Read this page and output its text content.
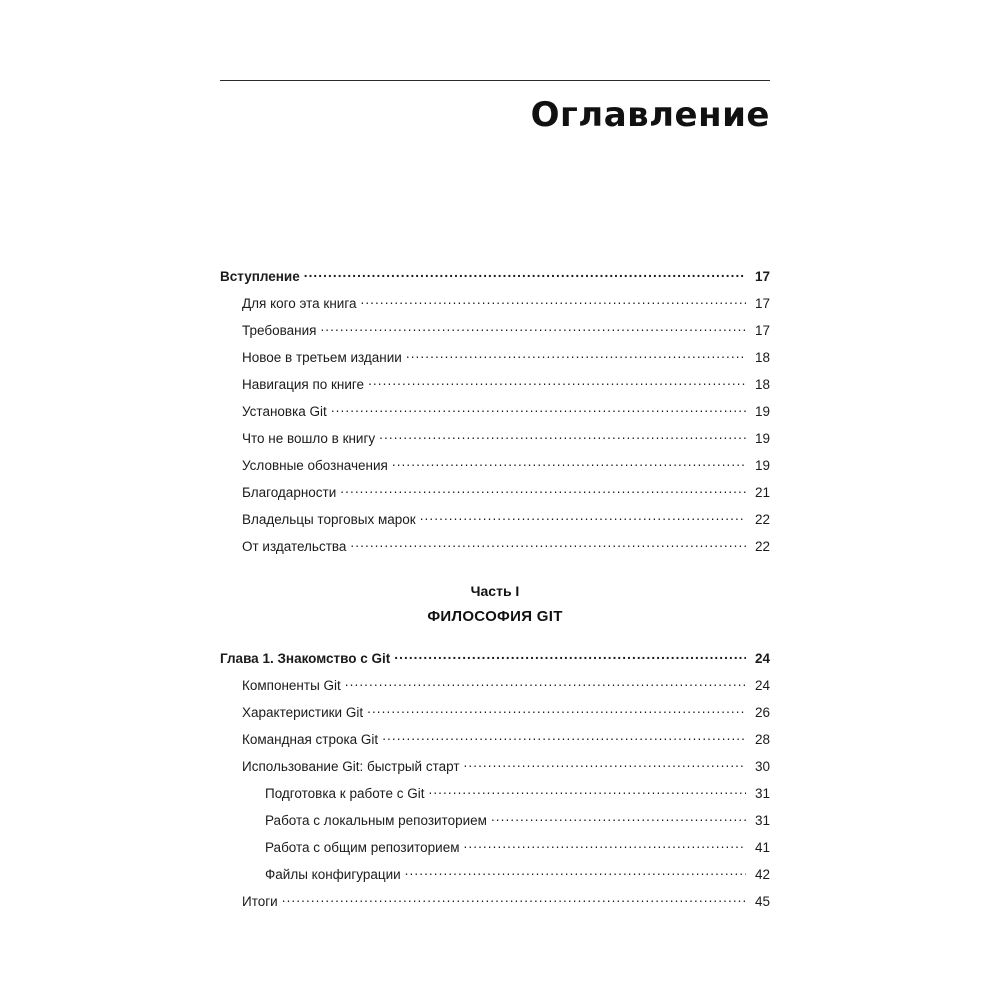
Оглавление
Вступление .....	17
Для кого эта книга .....	17
Требования .....	17
Новое в третьем издании .....	18
Навигация по книге .....	18
Установка Git .....	19
Что не вошло в книгу .....	19
Условные обозначения .....	19
Благодарности .....	21
Владельцы торговых марок .....	22
От издательства .....	22
Часть I
ФИЛОСОФИЯ GIT
Глава 1. Знакомство с Git .....	24
Компоненты Git .....	24
Характеристики Git .....	26
Командная строка Git .....	28
Использование Git: быстрый старт .....	30
Подготовка к работе с Git .....	31
Работа с локальным репозиторием .....	31
Работа с общим репозиторием .....	41
Файлы конфигурации .....	42
Итоги .....	45
